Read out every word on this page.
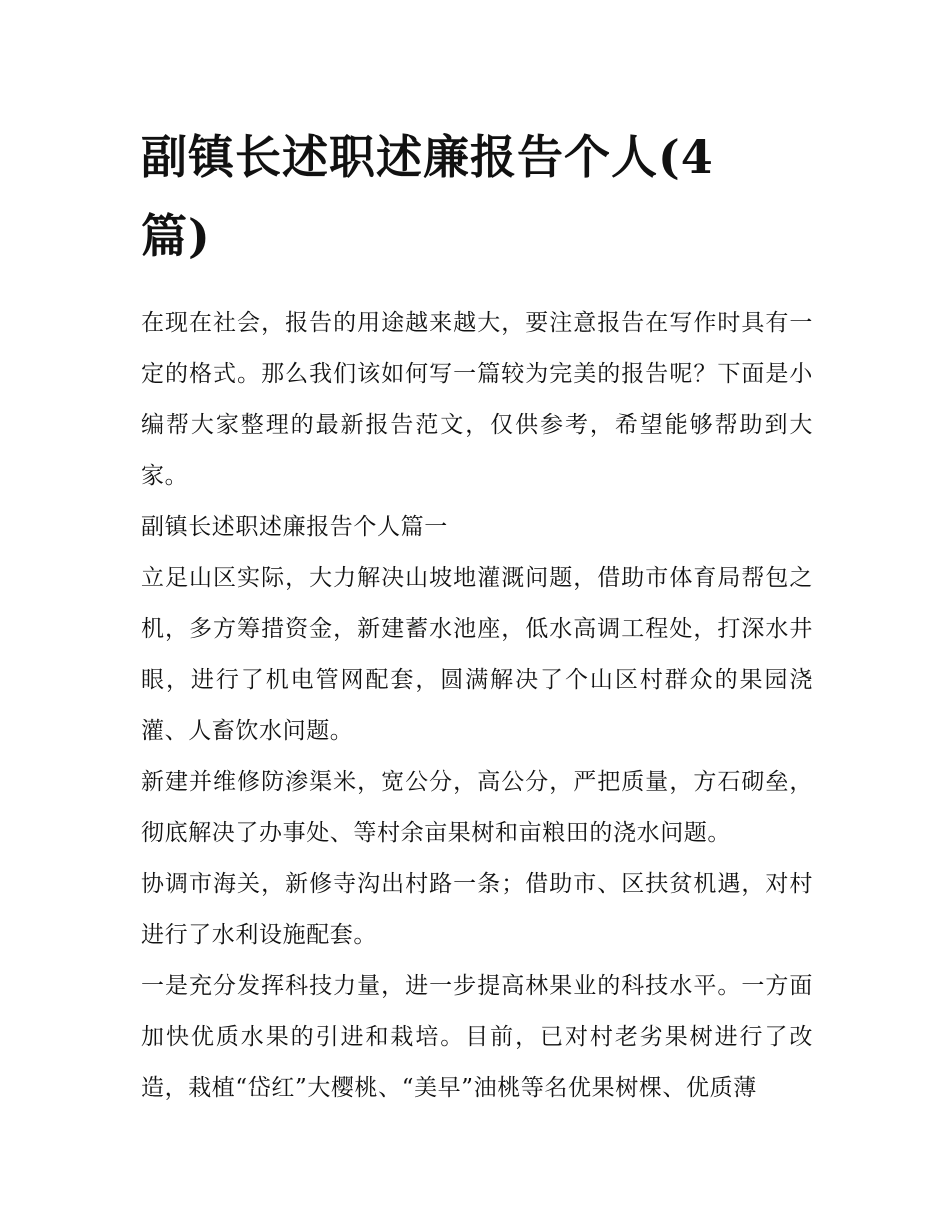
副镇长述职述廉报告个人(4篇)

在现在社会，报告的用途越来越大，要注意报告在写作时具有一定的格式。那么我们该如何写一篇较为完美的报告呢？下面是小编帮大家整理的最新报告范文，仅供参考，希望能够帮助到大家。

副镇长述职述廉报告个人篇一

立足山区实际，大力解决山坡地灌溉问题，借助市体育局帮包之机，多方筹措资金，新建蓄水池座，低水高调工程处，打深水井眼，进行了机电管网配套，圆满解决了个山区村群众的果园浇灌、人畜饮水问题。

新建并维修防渗渠米，宽公分，高公分，严把质量，方石砌垒，彻底解决了办事处、等村余亩果树和亩粮田的浇水问题。

协调市海关，新修寺沟出村路一条；借助市、区扶贫机遇，对村进行了水利设施配套。

一是充分发挥科技力量，进一步提高林果业的科技水平。一方面加快优质水果的引进和栽培。目前，已对村老劣果树进行了改造，栽植“岱红”大樱桃、“美早”油桃等名优果树棵、优质薄
